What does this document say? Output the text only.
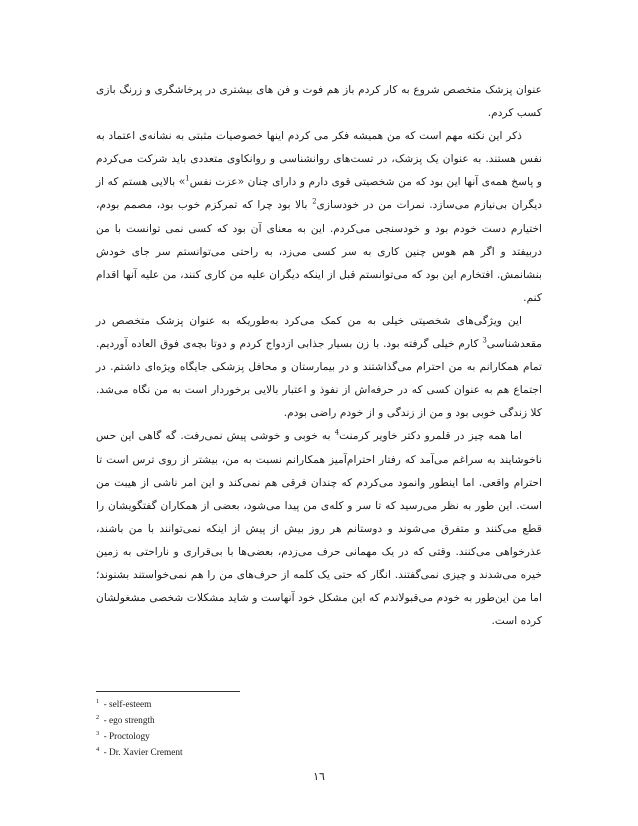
عنوان پزشک متخصص شروع به کار کردم باز هم فوت و فن های بیشتری در پرخاشگری و زرنگ بازی کسب کردم.

ذکر این نکته مهم است که من همیشه فکر می کردم اینها خصوصیات مثبتی به نشانه‌ی اعتماد به نفس هستند. به عنوان یک پزشک، در تست‌های روانشناسی و روانکاوی متعددی باید شرکت می‌کردم و پاسخ همه‌ی آنها این بود که من شخصیتی قوی دارم و دارای چنان «عزت نفس$^1$» بالایی هستم که از دیگران بی‌نیازم می‌سازد. نمرات من در خودسازی$^2$ بالا بود چرا که تمرکزم خوب بود، مصمم بودم، اختیارم دست خودم بود و خودسنجی می‌کردم. این به معنای آن بود که کسی نمی توانست با من دربیفتد و اگر هم هوس چنین کاری به سر کسی می‌زد، به راحتی می‌توانستم سر جای خودش بنشانمش. افتخارم این بود که می‌توانستم قبل از اینکه دیگران علیه من کاری کنند، من علیه آنها اقدام کنم.

این ویژگی‌های شخصیتی خیلی به من کمک می‌کرد به‌طوریکه به عنوان پزشک متخصص در مقعدشناسی$^3$ کارم خیلی گرفته بود. با زن بسیار جذابی ازدواج کردم و دوتا بچه‌ی فوق العاده آوردیم. تمام همکارانم به من احترام می‌گذاشتند و در بیمارستان و محافل پزشکی جایگاه ویژه‌ای داشتم. در اجتماع هم به عنوان کسی که در حرفه‌اش از نفوذ و اعتبار بالایی برخوردار است به من نگاه می‌شد. کلا زندگی خوبی بود و من از زندگی و از خودم راضی بودم.

اما همه چیز در قلمرو دکتر خاویر کرمنت$^4$ به خوبی و خوشی پیش نمی‌رفت. گه گاهی این حس ناخوشایند به سراغم می‌آمد که رفتار احترام‌آمیز همکارانم نسبت به من، بیشتر از روی ترس است تا احترام واقعی. اما اینطور وانمود می‌کردم که چندان فرقی هم نمی‌کند و این امر ناشی از هیبت من است. این طور به نظر می‌رسید که تا سر و کله‌ی من پیدا می‌شود، بعضی از همکاران گفتگویشان را قطع می‌کنند و متفرق می‌شوند و دوستانم هر روز بیش از پیش از اینکه نمی‌توانند با من باشند، عذرخواهی می‌کنند. وقتی که در یک مهمانی حرف می‌زدم، بعضی‌ها با بی‌قراری و ناراحتی به زمین خیره می‌شدند و چیزی نمی‌گفتند. انگار که حتی یک کلمه از حرف‌های من را هم نمی‌خواستند بشنوند؛ اما من این‌طور به خودم می‌قبولاندم که این مشکل خود آنهاست و شاید مشکلات شخصی مشغولشان کرده است.

$^1$ - self-esteem
$^2$ - ego strength
$^3$ - Proctology
$^4$ - Dr. Xavier Crement
١٦
